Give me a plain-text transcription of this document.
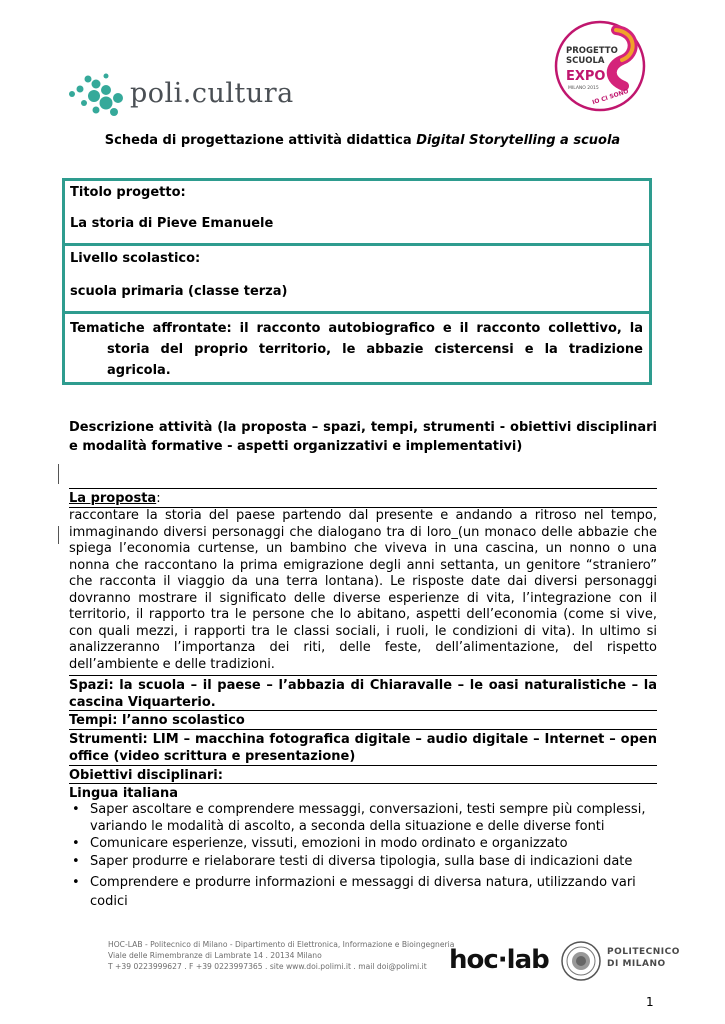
poli.cultura
PROGETTO
SCUOLA
EXPO
MILANO 2015
IO CI SONO
Scheda di progettazione attività didattica Digital Storytelling a scuola
Titolo progetto:
La storia di Pieve Emanuele
Livello scolastico:
scuola primaria (classe terza)
Tematiche affrontate: il racconto autobiografico e il racconto collettivo, la storia del proprio territorio, le abbazie cistercensi e la tradizione agricola.
Descrizione attività (la proposta – spazi, tempi, strumenti - obiettivi disciplinari e modalità formative - aspetti organizzativi e implementativi)
La proposta:
raccontare la storia del paese partendo dal presente e andando a ritroso nel tempo, immaginando diversi personaggi che dialogano tra di loro_(un monaco delle abbazie che spiega l’economia curtense, un bambino che viveva in una cascina, un nonno o una nonna che raccontano la prima emigrazione degli anni settanta, un genitore “straniero” che racconta il viaggio da una terra lontana). Le risposte date dai diversi personaggi dovranno mostrare il significato delle diverse esperienze di vita, l’integrazione con il territorio, il rapporto tra le persone che lo abitano, aspetti dell’economia (come si vive, con quali mezzi, i rapporti tra le classi sociali, i ruoli, le condizioni di vita). In ultimo si analizzeranno l’importanza dei riti, delle feste, dell’alimentazione, del rispetto dell’ambiente e delle tradizioni.
Spazi: la scuola – il paese – l’abbazia di Chiaravalle – le oasi naturalistiche – la cascina Viquarterio.
Tempi: l’anno scolastico
Strumenti: LIM – macchina fotografica digitale – audio digitale – Internet – open office (video scrittura e presentazione)
Obiettivi disciplinari:
Lingua italiana
• Saper ascoltare e comprendere messaggi, conversazioni, testi sempre più complessi, variando le modalità di ascolto, a seconda della situazione e delle diverse fonti
• Comunicare esperienze, vissuti, emozioni in modo ordinato e organizzato
• Saper produrre e rielaborare testi di diversa tipologia, sulla base di indicazioni date
• Comprendere e produrre informazioni e messaggi di diversa natura, utilizzando vari codici
HOC-LAB - Politecnico di Milano - Dipartimento di Elettronica, Informazione e Bioingegneria
Viale delle Rimembranze di Lambrate 14 . 20134 Milano
T +39 0223999627 . F +39 0223997365 . site www.doi.polimi.it . mail doi@polimi.it hoc·lab	POLITECNICO
DI MILANO
1
